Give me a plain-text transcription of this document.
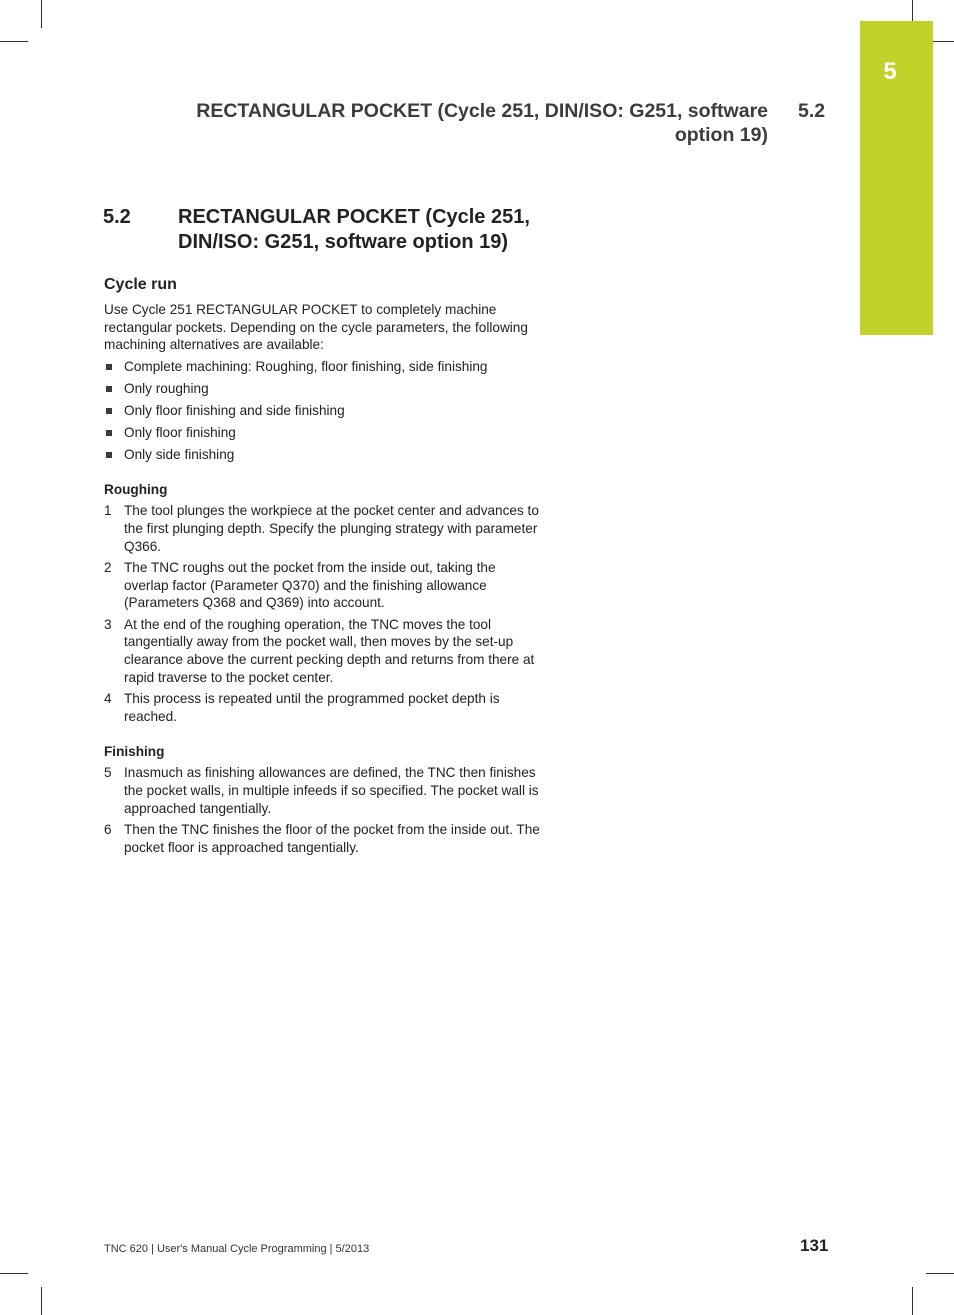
5
RECTANGULAR POCKET (Cycle 251, DIN/ISO: G251, software
option 19)
5.2
5.2 RECTANGULAR POCKET (Cycle 251,
DIN/ISO: G251, software option 19)
Cycle run

Use Cycle 251 RECTANGULAR POCKET to completely machine rectangular pockets. Depending on the cycle parameters, the following machining alternatives are available:

Complete machining: Roughing, floor finishing, side finishing
Only roughing
Only floor finishing and side finishing
Only floor finishing
Only side finishing
Roughing
1 The tool plunges the workpiece at the pocket center and advances to the first plunging depth. Specify the plunging strategy with parameter Q366.
2 The TNC roughs out the pocket from the inside out, taking the overlap factor (Parameter Q370) and the finishing allowance (Parameters Q368 and Q369) into account.
3 At the end of the roughing operation, the TNC moves the tool tangentially away from the pocket wall, then moves by the set-up clearance above the current pecking depth and returns from there at rapid traverse to the pocket center.
4 This process is repeated until the programmed pocket depth is reached.
Finishing
5 Inasmuch as finishing allowances are defined, the TNC then finishes the pocket walls, in multiple infeeds if so specified. The pocket wall is approached tangentially.
6 Then the TNC finishes the floor of the pocket from the inside out. The pocket floor is approached tangentially.
TNC 620 | User's Manual Cycle Programming | 5/2013	131
